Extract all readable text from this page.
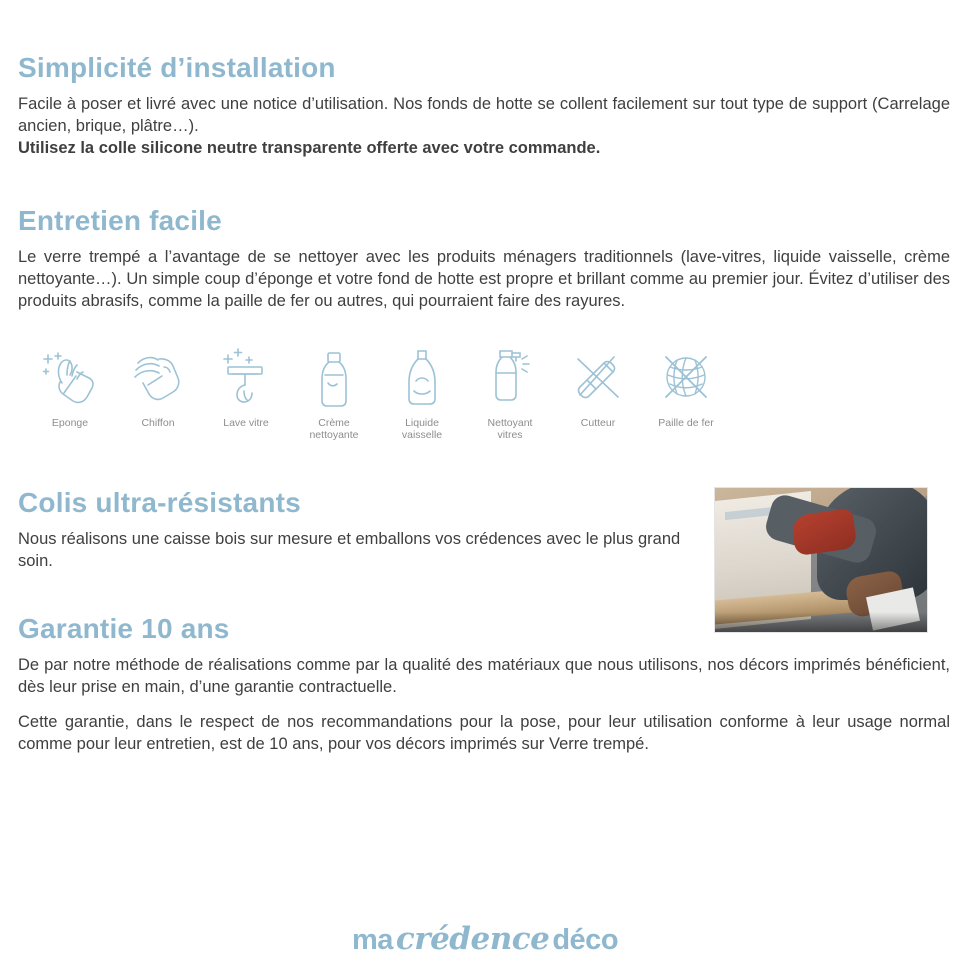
Simplicité d’installation

Facile à poser et livré avec une notice d’utilisation. Nos fonds de hotte se collent facilement sur tout type de support (Carrelage ancien, brique, plâtre…).

Utilisez la colle silicone neutre transparente offerte avec votre commande.

Entretien facile

Le verre trempé a l’avantage de se nettoyer avec les produits ménagers traditionnels (lave-vitres, liquide vaisselle, crème nettoyante…). Un simple coup d’éponge et votre fond de hotte est propre et brillant comme au premier jour. Évitez d’utiliser des produits abrasifs, comme la paille de fer ou autres, qui pourraient faire des rayures.

Eponge	Chiffon	Lave vitre	Crème
nettoyante
Liquide
vaisselle
Nettoyant
vitres
Cutteur	Paille de fer
Colis ultra-résistants

Nous réalisons une caisse bois sur mesure et emballons vos crédences avec le plus grand soin.

Garantie 10 ans

De par notre méthode de réalisations comme par la qualité des matériaux que nous utilisons, nos décors imprimés bénéficient, dès leur prise en main, d’une garantie contractuelle.

Cette garantie, dans le respect de nos recommandations pour la pose, pour leur utilisation conforme à leur usage normal comme pour leur entretien, est de 10 ans, pour vos décors imprimés sur Verre trempé.

macrédence déco
